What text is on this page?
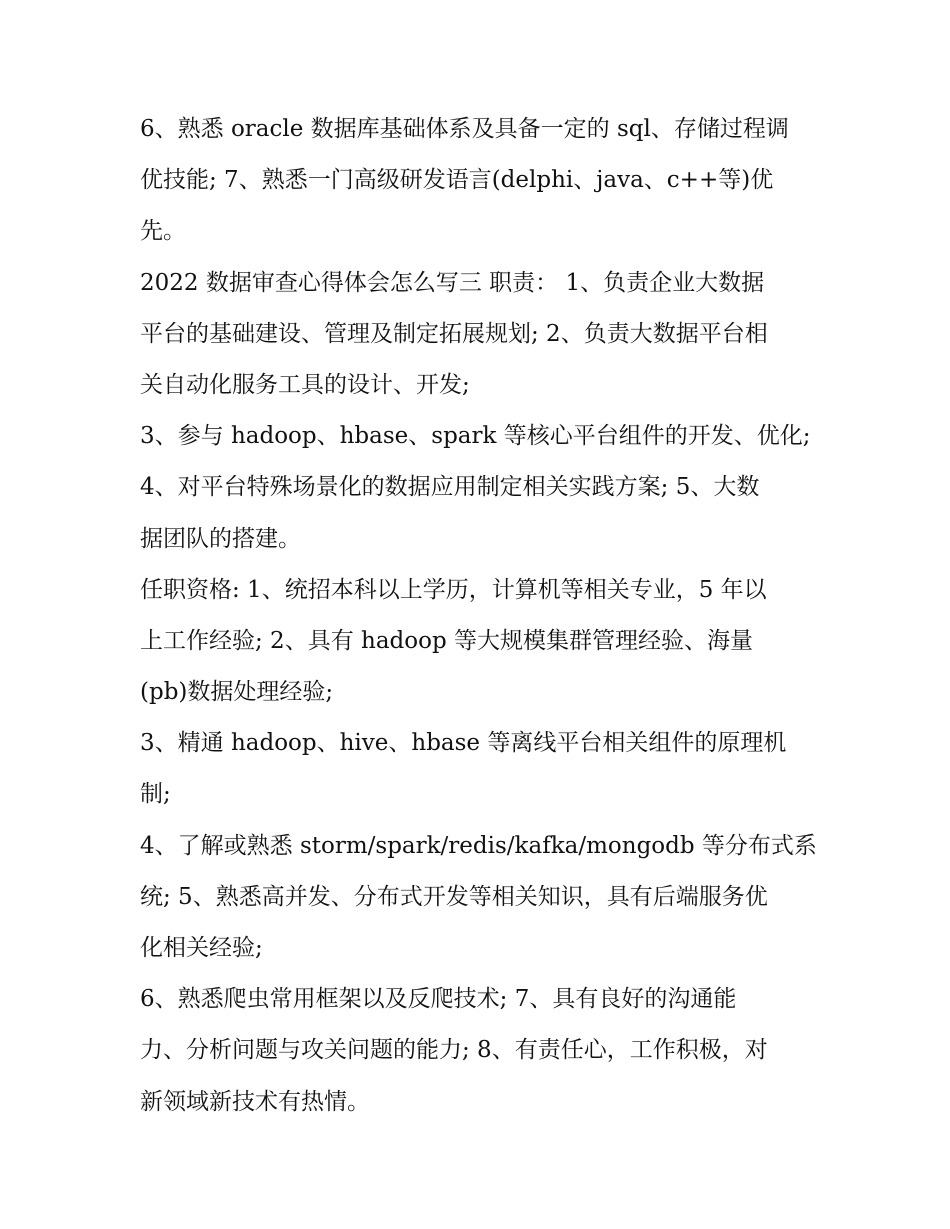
6、熟悉 oracle 数据库基础体系及具备一定的 sql、存储过程调
优技能; 7、熟悉一门高级研发语言(delphi、java、c++等)优
先。
2022 数据审查心得体会怎么写三 职责： 1、负责企业大数据
平台的基础建设、管理及制定拓展规划; 2、负责大数据平台相
关自动化服务工具的设计、开发;
3、参与 hadoop、hbase、spark 等核心平台组件的开发、优化;
4、对平台特殊场景化的数据应用制定相关实践方案; 5、大数
据团队的搭建。
任职资格: 1、统招本科以上学历，计算机等相关专业，5 年以
上工作经验; 2、具有 hadoop 等大规模集群管理经验、海量
(pb)数据处理经验;
3、精通 hadoop、hive、hbase 等离线平台相关组件的原理机
制;
4、了解或熟悉 storm/spark/redis/kafka/mongodb 等分布式系
统; 5、熟悉高并发、分布式开发等相关知识，具有后端服务优
化相关经验;
6、熟悉爬虫常用框架以及反爬技术; 7、具有良好的沟通能
力、分析问题与攻关问题的能力; 8、有责任心，工作积极，对
新领域新技术有热情。
